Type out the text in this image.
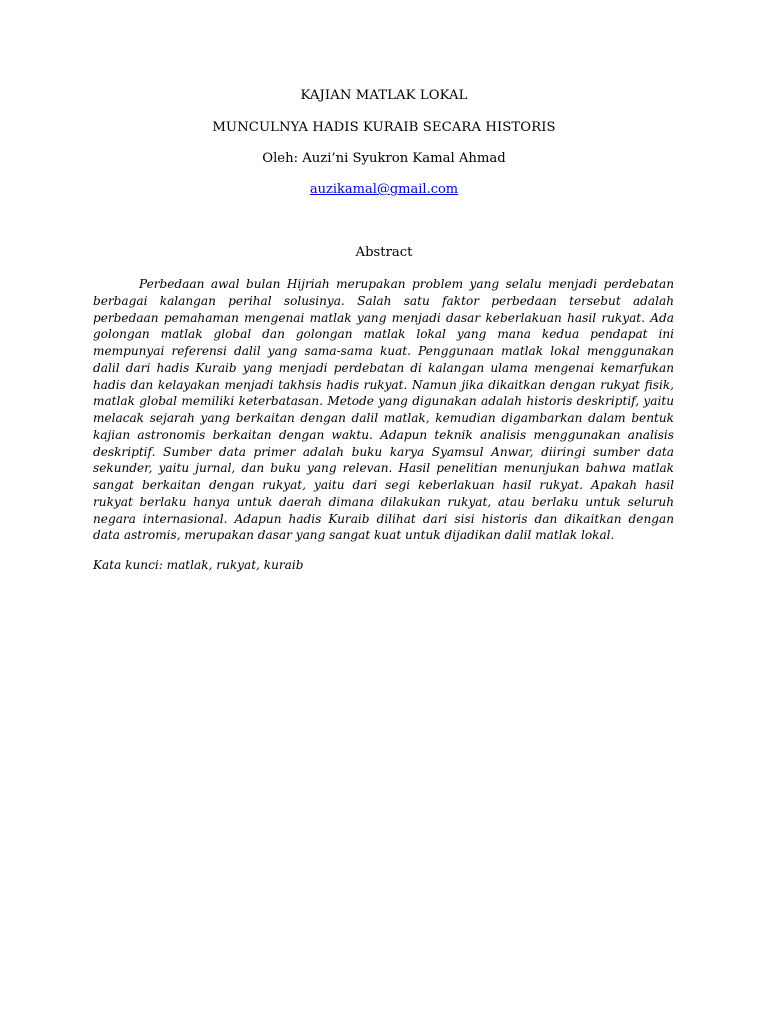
KAJIAN MATLAK LOKAL
MUNCULNYA HADIS KURAIB SECARA HISTORIS
Oleh: Auzi’ni Syukron Kamal Ahmad
auzikamal@gmail.com
Abstract
Perbedaan awal bulan Hijriah merupakan problem yang selalu menjadi perdebatan
berbagai kalangan perihal solusinya. Salah satu faktor perbedaan tersebut adalah
perbedaan pemahaman mengenai matlak yang menjadi dasar keberlakuan hasil rukyat. Ada
golongan matlak global dan golongan matlak lokal yang mana kedua pendapat ini
mempunyai referensi dalil yang sama-sama kuat. Penggunaan matlak lokal menggunakan
dalil dari hadis Kuraib yang menjadi perdebatan di kalangan ulama mengenai kemarfukan
hadis dan kelayakan menjadi takhsis hadis rukyat. Namun jika dikaitkan dengan rukyat fisik,
matlak global memiliki keterbatasan. Metode yang digunakan adalah historis deskriptif, yaitu
melacak sejarah yang berkaitan dengan dalil matlak, kemudian digambarkan dalam bentuk
kajian astronomis berkaitan dengan waktu. Adapun teknik analisis menggunakan analisis
deskriptif. Sumber data primer adalah buku karya Syamsul Anwar, diiringi sumber data
sekunder, yaitu jurnal, dan buku yang relevan. Hasil penelitian menunjukan bahwa matlak
sangat berkaitan dengan rukyat, yaitu dari segi keberlakuan hasil rukyat. Apakah hasil
rukyat berlaku hanya untuk daerah dimana dilakukan rukyat, atau berlaku untuk seluruh
negara internasional. Adapun hadis Kuraib dilihat dari sisi historis dan dikaitkan dengan
data astromis, merupakan dasar yang sangat kuat untuk dijadikan dalil matlak lokal.
Kata kunci: matlak, rukyat, kuraib
